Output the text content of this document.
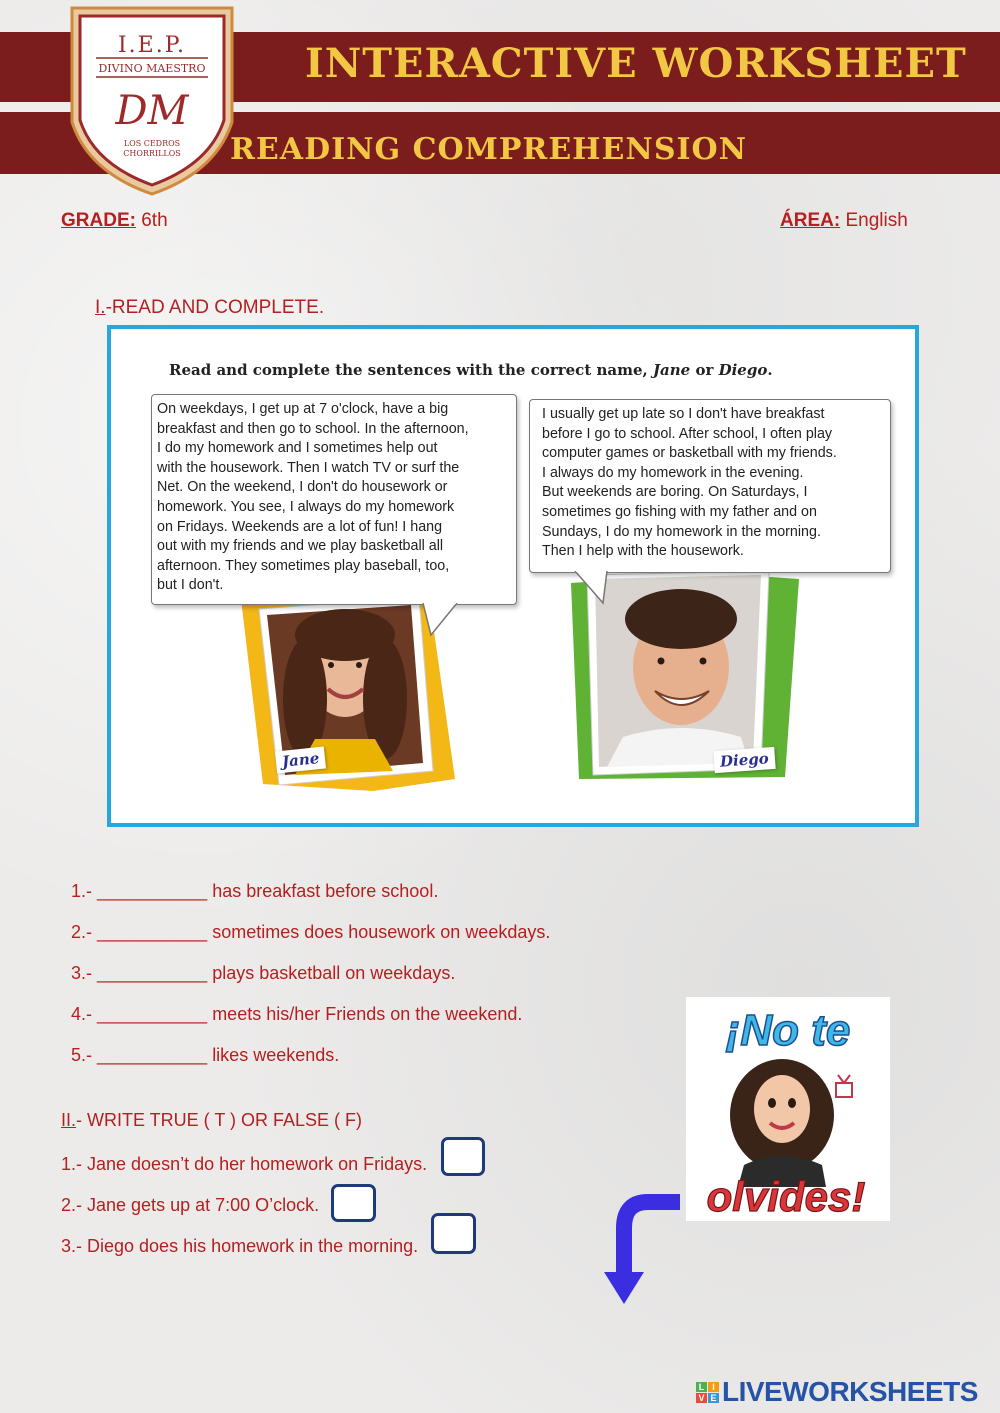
INTERACTIVE WORKSHEET
READING COMPREHENSION
I.E.P.
DIVINO MAESTRO
DM
LOS CEDROS
CHORRILLOS
GRADE: 6th	ÁREA: English
I.-READ AND COMPLETE.
Read and complete the sentences with the correct name, Jane or Diego.
Jane	Diego
On weekdays, I get up at 7 o'clock, have a big
breakfast and then go to school. In the afternoon,
I do my homework and I sometimes help out
with the housework. Then I watch TV or surf the
Net. On the weekend, I don't do housework or
homework. You see, I always do my homework
on Fridays. Weekends are a lot of fun! I hang
out with my friends and we play basketball all
afternoon. They sometimes play baseball, too,
but I don't.
I usually get up late so I don't have breakfast
before I go to school. After school, I often play
computer games or basketball with my friends.
I always do my homework in the evening.
But weekends are boring. On Saturdays, I
sometimes go fishing with my father and on
Sundays, I do my homework in the morning.
Then I help with the housework.

1.- ___________ has breakfast before school.

2.- ___________ sometimes does housework on weekdays.

3.- ___________ plays basketball on weekdays.

4.- ___________ meets his/her Friends on the weekend.

5.- ___________ likes weekends.

II.- WRITE TRUE ( T ) OR FALSE ( F)
1.- Jane doesn’t do her homework on Fridays.
2.- Jane gets up at 7:00 O’clock.
3.- Diego does his homework in the morning.
¡No te
olvides!
L I
V E LIVEWORKSHEETS
